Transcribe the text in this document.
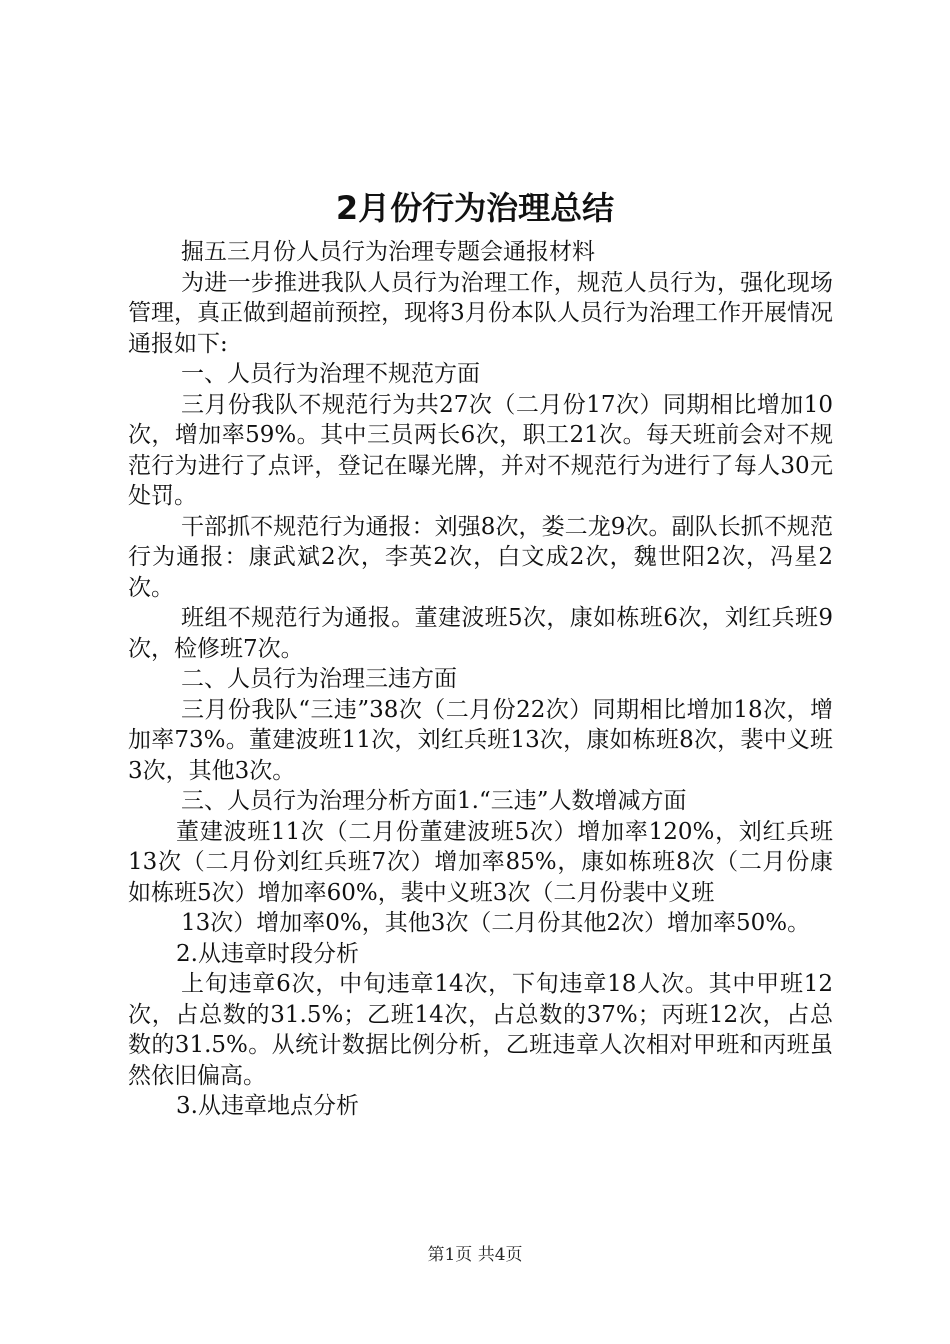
2月份行为治理总结

掘五三月份人员行为治理专题会通报材料

为进一步推进我队人员行为治理工作，规范人员行为，强化现场管理，真正做到超前预控，现将3月份本队人员行为治理工作开展情况通报如下:

一、人员行为治理不规范方面

三月份我队不规范行为共27次（二月份17次）同期相比增加10次，增加率59%。其中三员两长6次，职工21次。每天班前会对不规范行为进行了点评，登记在曝光牌，并对不规范行为进行了每人30元处罚。

干部抓不规范行为通报：刘强8次，娄二龙9次。副队长抓不规范行为通报：康武斌2次，李英2次，白文成2次，魏世阳2次，冯星2次。

班组不规范行为通报。董建波班5次，康如栋班6次，刘红兵班9次，检修班7次。

二、人员行为治理三违方面

三月份我队“三违”38次（二月份22次）同期相比增加18次，增加率73%。董建波班11次，刘红兵班13次，康如栋班8次，裴中义班3次，其他3次。

三、人员行为治理分析方面1.“三违”人数增减方面

董建波班11次（二月份董建波班5次）增加率120%，刘红兵班13次（二月份刘红兵班7次）增加率85%，康如栋班8次（二月份康如栋班5次）增加率60%，裴中义班3次（二月份裴中义班

13次）增加率0%，其他3次（二月份其他2次）增加率50%。

2.从违章时段分析

上旬违章6次，中旬违章14次，下旬违章18人次。其中甲班12次，占总数的31.5%；乙班14次，占总数的37%；丙班12次，占总数的31.5%。从统计数据比例分析，乙班违章人次相对甲班和丙班虽然依旧偏高。

3.从违章地点分析

第1页 共4页
